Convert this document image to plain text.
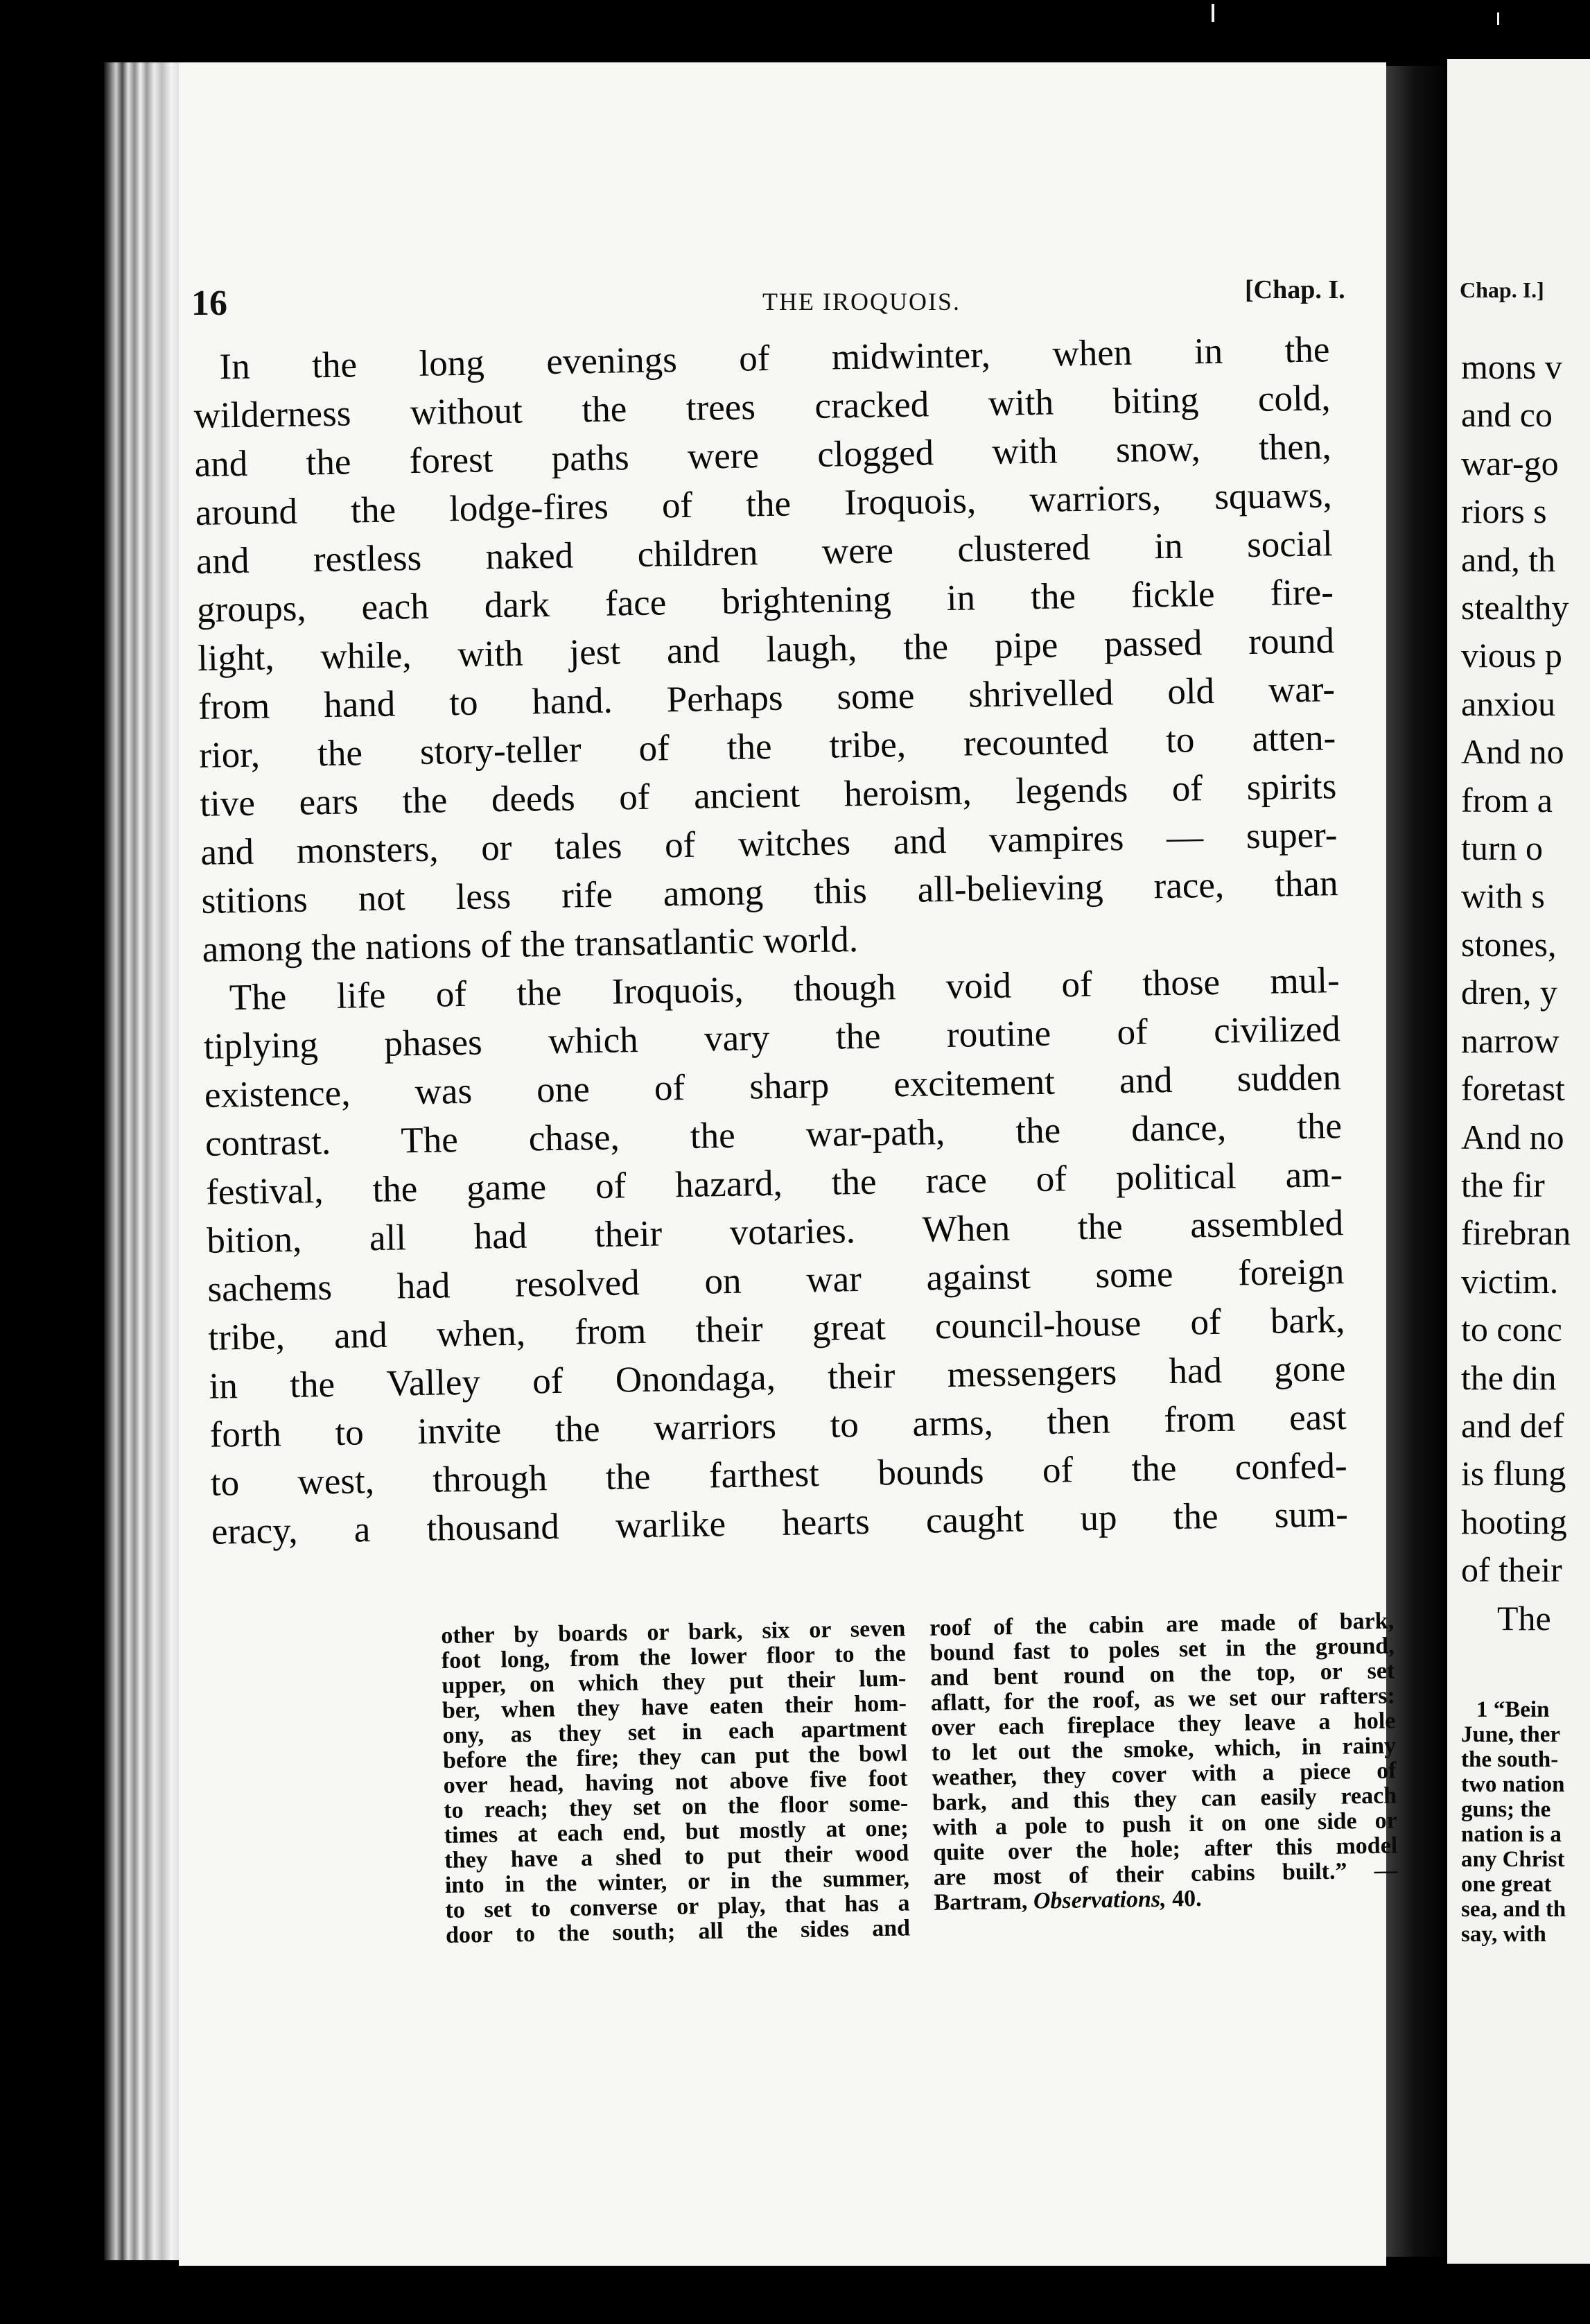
16	THE IROQUOIS.	[Chap. I.
In the long evenings of midwinter, when in the
wilderness without the trees cracked with biting cold,
and the forest paths were clogged with snow, then,
around the lodge-fires of the Iroquois, warriors, squaws,
and restless naked children were clustered in social
groups, each dark face brightening in the fickle fire-
light, while, with jest and laugh, the pipe passed round
from hand to hand. Perhaps some shrivelled old war-
rior, the story-teller of the tribe, recounted to atten-
tive ears the deeds of ancient heroism, legends of spirits
and monsters, or tales of witches and vampires — super-
stitions not less rife among this all-believing race, than
among the nations of the transatlantic world.
The life of the Iroquois, though void of those mul-
tiplying phases which vary the routine of civilized
existence, was one of sharp excitement and sudden
contrast. The chase, the war-path, the dance, the
festival, the game of hazard, the race of political am-
bition, all had their votaries. When the assembled
sachems had resolved on war against some foreign
tribe, and when, from their great council-house of bark,
in the Valley of Onondaga, their messengers had gone
forth to invite the warriors to arms, then from east
to west, through the farthest bounds of the confed-
eracy, a thousand warlike hearts caught up the sum-
other by boards or bark, six or seven
foot long, from the lower floor to the
upper, on which they put their lum-
ber, when they have eaten their hom-
ony, as they set in each apartment
before the fire; they can put the bowl
over head, having not above five foot
to reach; they set on the floor some-
times at each end, but mostly at one;
they have a shed to put their wood
into in the winter, or in the summer,
to set to converse or play, that has a
door to the south; all the sides and
roof of the cabin are made of bark,
bound fast to poles set in the ground,
and bent round on the top, or set
aflatt, for the roof, as we set our rafters:
over each fireplace they leave a hole
to let out the smoke, which, in rainy
weather, they cover with a piece of
bark, and this they can easily reach
with a pole to push it on one side or
quite over the hole; after this model
are most of their cabins built.” —
Bartram, Observations, 40.
Chap. I.]
mons v
and co
war-go
riors s
and, th
stealthy
vious p
anxiou
And no
from a
turn o
with s
stones,
dren, y
narrow
foretast
And no
the fir
firebran
victim.
to conc
the din
and def
is flung
hooting
of their
The
1 “Bein
June, ther
the south-
two nation
guns; the
nation is a
any Christ
one great
sea, and th
say, with
